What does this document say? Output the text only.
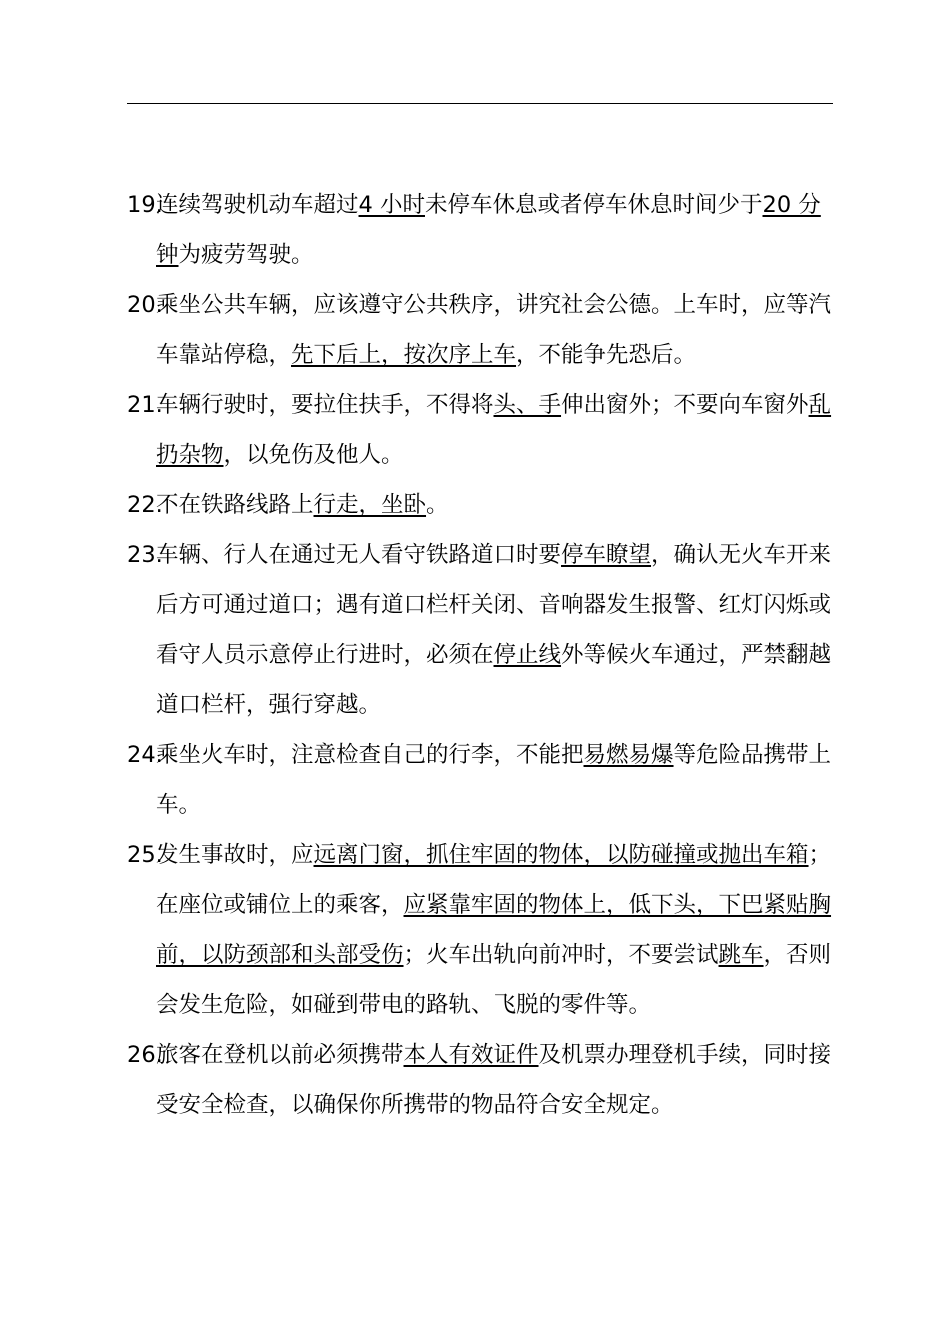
19.
连续驾驶机动车超过4 小时未停车休息或者停车休息时间少于20 分钟为疲劳驾驶。
20.
乘坐公共车辆，应该遵守公共秩序，讲究社会公德。上车时，应等汽车靠站停稳，先下后上，按次序上车，不能争先恐后。
21.
车辆行驶时，要拉住扶手，不得将头、手伸出窗外；不要向车窗外乱扔杂物，以免伤及他人。
22.
不在铁路线路上行走，坐卧。
23.
车辆、行人在通过无人看守铁路道口时要停车瞭望，确认无火车开来后方可通过道口；遇有道口栏杆关闭、音响器发生报警、红灯闪烁或看守人员示意停止行进时，必须在停止线外等候火车通过，严禁翻越道口栏杆，强行穿越。
24.
乘坐火车时，注意检查自己的行李，不能把易燃易爆等危险品携带上车。
25.
发生事故时，应远离门窗，抓住牢固的物体，以防碰撞或抛出车箱；在座位或铺位上的乘客，应紧靠牢固的物体上，低下头，下巴紧贴胸前，以防颈部和头部受伤；火车出轨向前冲时，不要尝试跳车，否则会发生危险，如碰到带电的路轨、飞脱的零件等。
26.
旅客在登机以前必须携带本人有效证件及机票办理登机手续，同时接受安全检查，以确保你所携带的物品符合安全规定。
